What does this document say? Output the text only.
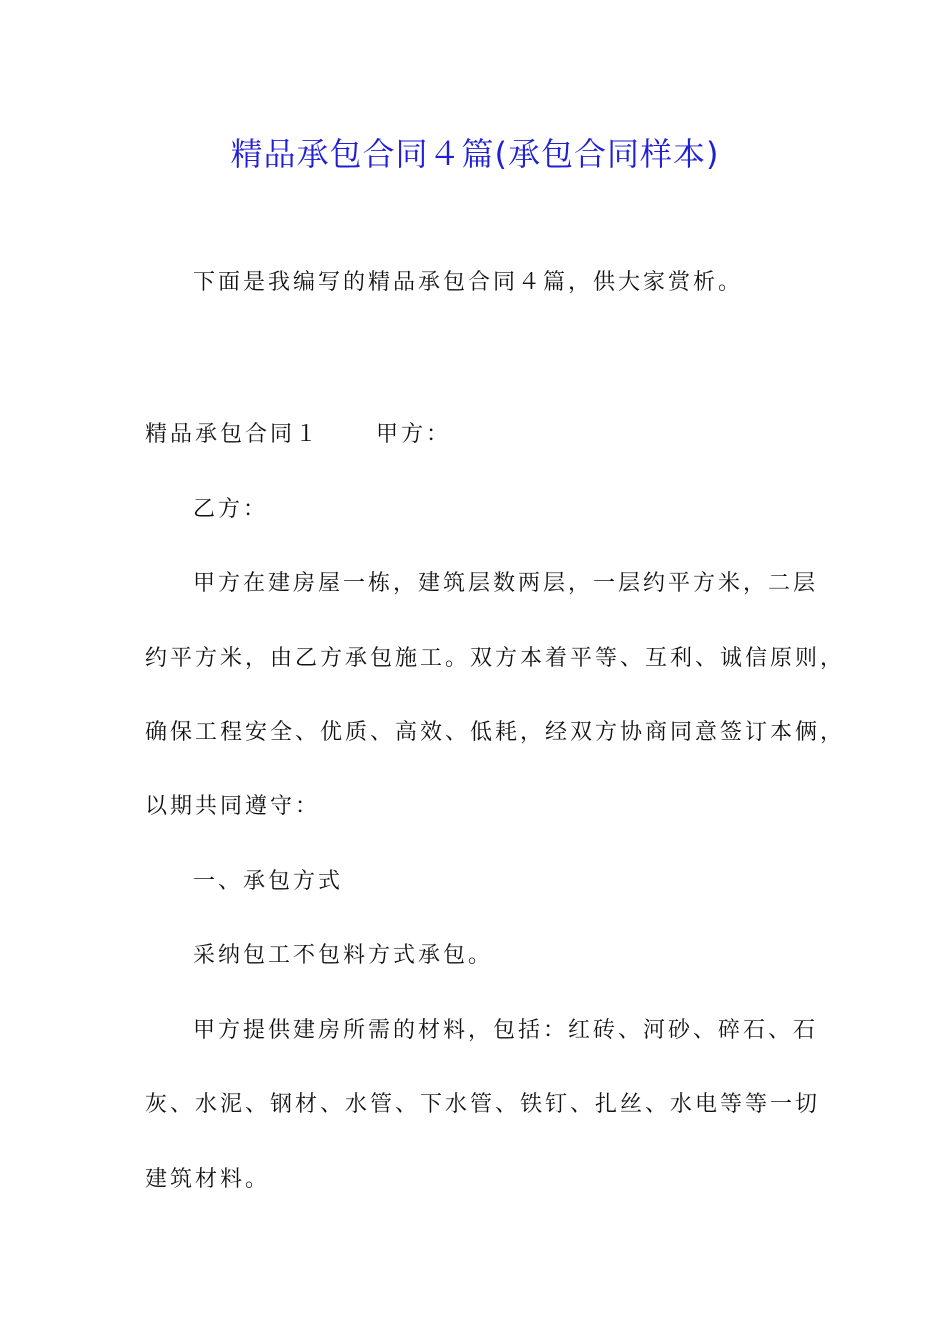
精品承包合同４篇(承包合同样本)
下面是我编写的精品承包合同４篇，供大家赏析。
精品承包合同１	甲方：
乙方：
甲方在建房屋一栋，建筑层数两层，一层约平方米，二层
约平方米，由乙方承包施工。双方本着平等、互利、诚信原则，
确保工程安全、优质、高效、低耗，经双方协商同意签订本俩，
以期共同遵守：
一、承包方式
采纳包工不包料方式承包。
甲方提供建房所需的材料，包括：红砖、河砂、碎石、石
灰、水泥、钢材、水管、下水管、铁钉、扎丝、水电等等一切
建筑材料。
